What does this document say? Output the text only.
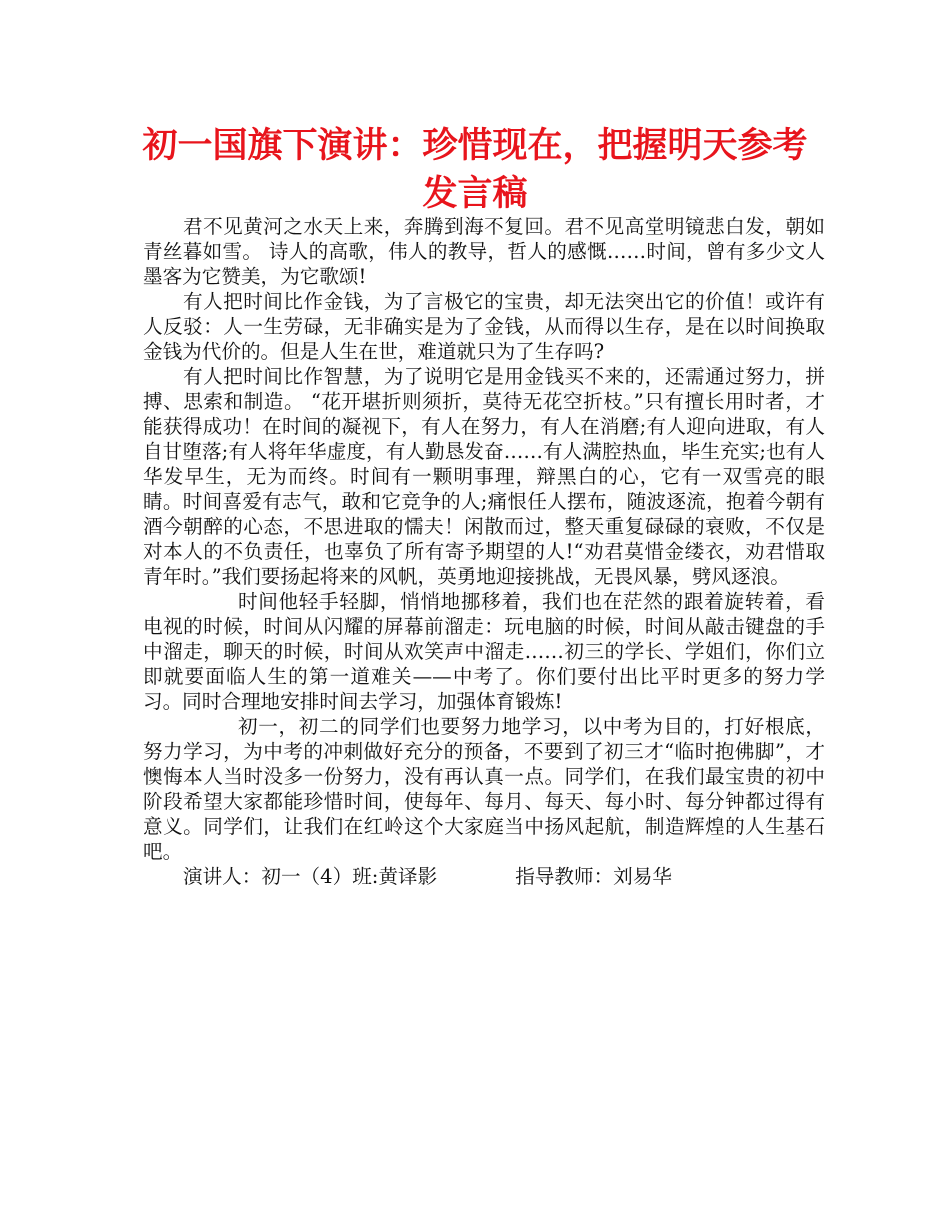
初一国旗下演讲：珍惜现在，把握明天参考发言稿

君不见黄河之水天上来，奔腾到海不复回。君不见高堂明镜悲白发，朝如青丝暮如雪。 诗人的高歌，伟人的教导，哲人的感慨……时间，曾有多少文人墨客为它赞美，为它歌颂!

有人把时间比作金钱，为了言极它的宝贵，却无法突出它的价值！或许有人反驳：人一生劳碌，无非确实是为了金钱，从而得以生存，是在以时间换取金钱为代价的。但是人生在世，难道就只为了生存吗?

有人把时间比作智慧，为了说明它是用金钱买不来的，还需通过努力，拼搏、思索和制造。 “花开堪折则须折，莫待无花空折枝。”只有擅长用时者，才能获得成功！在时间的凝视下，有人在努力，有人在消磨;有人迎向进取，有人自甘堕落;有人将年华虚度，有人勤恳发奋……有人满腔热血，毕生充实;也有人华发早生，无为而终。时间有一颗明事理，辩黑白的心，它有一双雪亮的眼睛。时间喜爱有志气，敢和它竞争的人;痛恨任人摆布，随波逐流，抱着今朝有酒今朝醉的心态，不思进取的懦夫！闲散而过，整天重复碌碌的衰败，不仅是对本人的不负责任，也辜负了所有寄予期望的人!“劝君莫惜金缕衣，劝君惜取青年时。”我们要扬起将来的风帆，英勇地迎接挑战，无畏风暴，劈风逐浪。

时间他轻手轻脚，悄悄地挪移着，我们也在茫然的跟着旋转着，看电视的时候，时间从闪耀的屏幕前溜走：玩电脑的时候，时间从敲击键盘的手中溜走，聊天的时候，时间从欢笑声中溜走……初三的学长、学姐们，你们立即就要面临人生的第一道难关——中考了。你们要付出比平时更多的努力学习。同时合理地安排时间去学习，加强体育锻炼!

初一，初二的同学们也要努力地学习，以中考为目的，打好根底，努力学习，为中考的冲刺做好充分的预备，不要到了初三才“临时抱佛脚”，才懊悔本人当时没多一份努力，没有再认真一点。同学们，在我们最宝贵的初中阶段希望大家都能珍惜时间，使每年、每月、每天、每小时、每分钟都过得有意义。同学们，让我们在红岭这个大家庭当中扬风起航，制造辉煌的人生基石吧。

演讲人：初一（4）班:黄译影	指导教师：刘易华
